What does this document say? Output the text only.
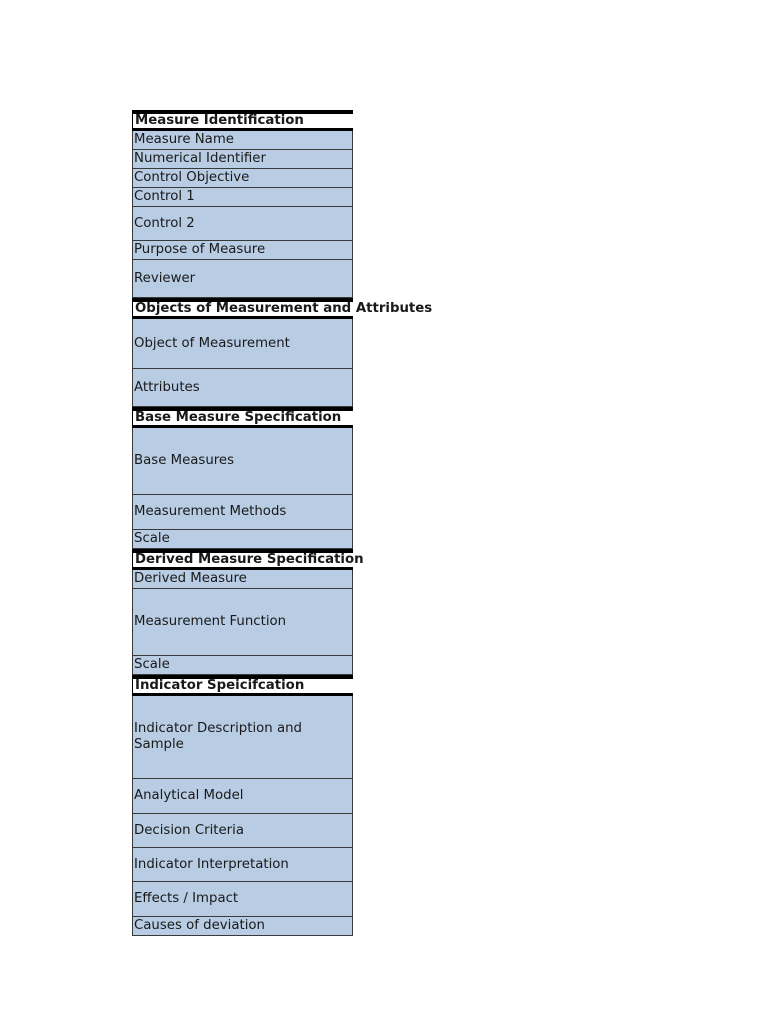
Measure Identification
Measure Name
Numerical Identifier
Control Objective
Control 1
Control 2
Purpose of Measure
Reviewer
Objects of Measurement and Attributes
Object of Measurement
Attributes
Base Measure Specification
Base Measures
Measurement Methods
Scale
Derived Measure Specification
Derived Measure
Measurement Function
Scale
Indicator Speicifcation
Indicator Description and Sample
Analytical Model
Decision Criteria
Indicator Interpretation
Effects / Impact
Causes of deviation
